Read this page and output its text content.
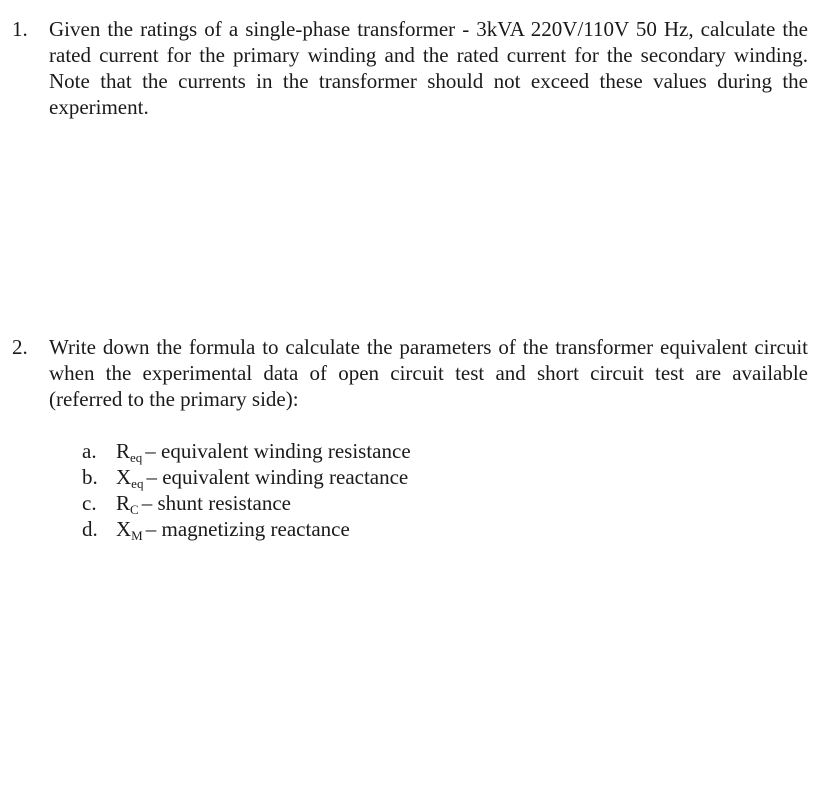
1.	Given the ratings of a single-phase transformer - 3kVA 220V/110V 50 Hz, calculate the rated current for the primary winding and the rated current for the secondary winding. Note that the currents in the transformer should not exceed these values during the experiment.
2.	Write down the formula to calculate the parameters of the transformer equivalent circuit when the experimental data of open circuit test and short circuit test are available (referred to the primary side):
a. Req – equivalent winding resistance
b. Xeq – equivalent winding reactance
c. RC – shunt resistance
d. XM – magnetizing reactance
